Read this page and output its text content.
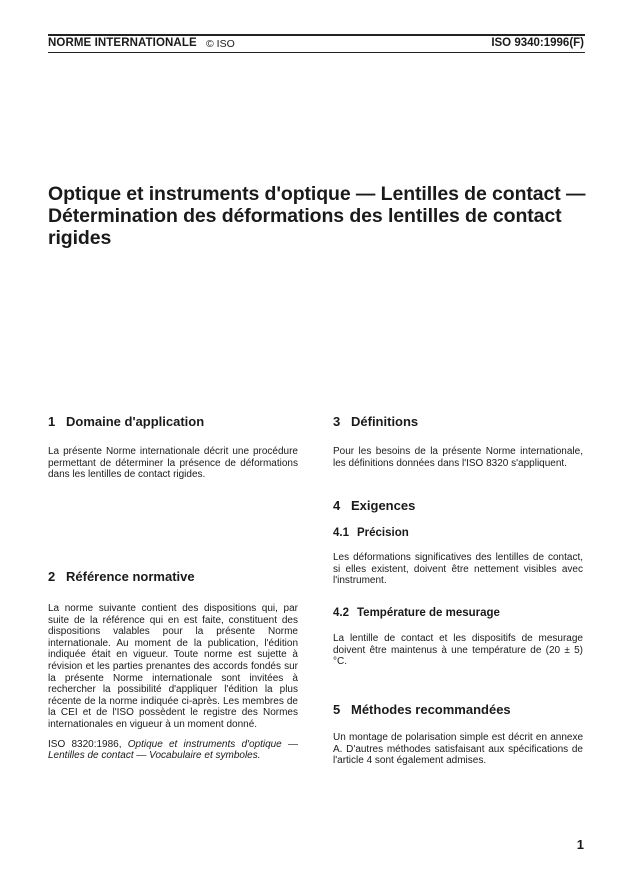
NORME INTERNATIONALE © ISO	ISO 9340:1996(F)
Optique et instruments d'optique — Lentilles de contact —
Détermination des déformations des lentilles de contact
rigides
1 Domaine d'application

La présente Norme internationale décrit une procédure permettant de déterminer la présence de déformations dans les lentilles de contact rigides.

2 Référence normative

La norme suivante contient des dispositions qui, par suite de la référence qui en est faite, constituent des dispositions valables pour la présente Norme internationale. Au moment de la publication, l'édition indiquée était en vigueur. Toute norme est sujette à révision et les parties prenantes des accords fondés sur la présente Norme internationale sont invitées à rechercher la possibilité d'appliquer l'édition la plus récente de la norme indiquée ci-après. Les membres de la CEI et de l'ISO possèdent le registre des Normes internationales en vigueur à un moment donné.

ISO 8320:1986, Optique et instruments d'optique — Lentilles de contact — Vocabulaire et symboles.

3 Définitions

Pour les besoins de la présente Norme internationale, les définitions données dans l'ISO 8320 s'appliquent.

4 Exigences
4.1 Précision

Les déformations significatives des lentilles de contact, si elles existent, doivent être nettement visibles avec l'instrument.

4.2 Température de mesurage

La lentille de contact et les dispositifs de mesurage doivent être maintenus à une température de (20 ± 5) °C.

5 Méthodes recommandées

Un montage de polarisation simple est décrit en annexe A. D'autres méthodes satisfaisant aux spécifications de l'article 4 sont également admises.

1
